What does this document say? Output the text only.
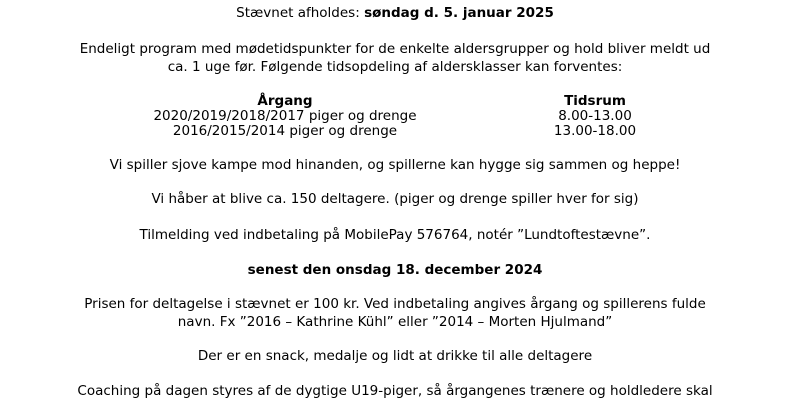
Stævnet afholdes: søndag d. 5. januar 2025
Endeligt program med mødetidspunkter for de enkelte aldersgrupper og hold bliver meldt ud
ca. 1 uge før. Følgende tidsopdeling af aldersklasser kan forventes:
Årgang	Tidsrum
2020/2019/2018/2017 piger og drenge	8.00-13.00
2016/2015/2014 piger og drenge	13.00-18.00
Vi spiller sjove kampe mod hinanden, og spillerne kan hygge sig sammen og heppe!
Vi håber at blive ca. 150 deltagere. (piger og drenge spiller hver for sig)
Tilmelding ved indbetaling på MobilePay 576764, notér ”Lundtoftestævne”.
senest den onsdag 18. december 2024
Prisen for deltagelse i stævnet er 100 kr. Ved indbetaling angives årgang og spillerens fulde
navn. Fx ”2016 – Kathrine Kühl” eller ”2014 – Morten Hjulmand”
Der er en snack, medalje og lidt at drikke til alle deltagere
Coaching på dagen styres af de dygtige U19-piger, så årgangenes trænere og holdledere skal
